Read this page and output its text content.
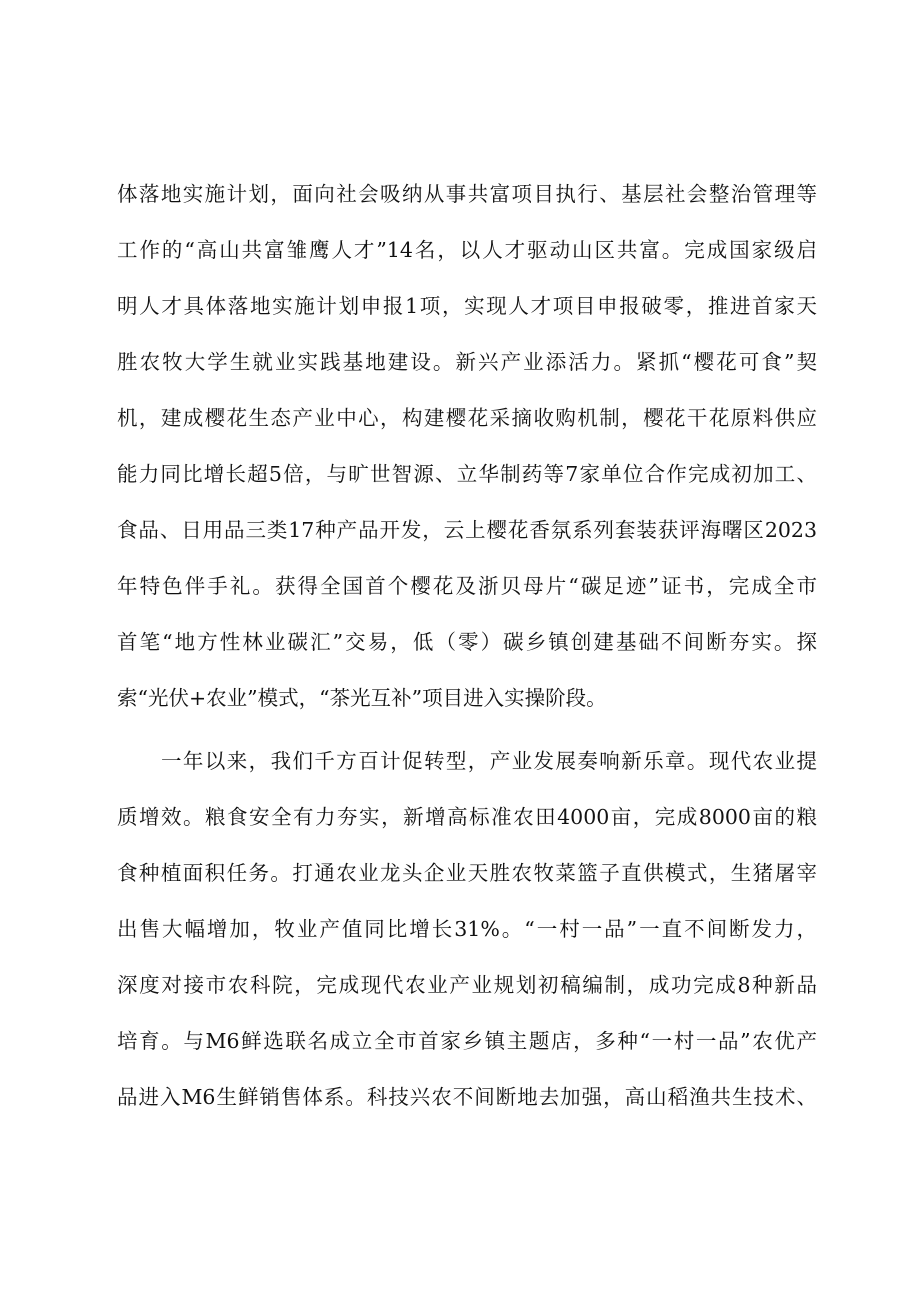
体落地实施计划，面向社会吸纳从事共富项目执行、基层社会整治管理等
工作的“高山共富雏鹰人才”14名，以人才驱动山区共富。完成国家级启
明人才具体落地实施计划申报1项，实现人才项目申报破零，推进首家天
胜农牧大学生就业实践基地建设。新兴产业添活力。紧抓“樱花可食”契
机，建成樱花生态产业中心，构建樱花采摘收购机制，樱花干花原料供应
能力同比增长超5倍，与旷世智源、立华制药等7家单位合作完成初加工、
食品、日用品三类17种产品开发，云上樱花香氛系列套装获评海曙区2023
年特色伴手礼。获得全国首个樱花及浙贝母片“碳足迹”证书，完成全市
首笔“地方性林业碳汇”交易，低（零）碳乡镇创建基础不间断夯实。探
索“光伏+农业”模式，“茶光互补”项目进入实操阶段。
一年以来，我们千方百计促转型，产业发展奏响新乐章。现代农业提
质增效。粮食安全有力夯实，新增高标准农田4000亩，完成8000亩的粮
食种植面积任务。打通农业龙头企业天胜农牧菜篮子直供模式，生猪屠宰
出售大幅增加，牧业产值同比增长31%。“一村一品”一直不间断发力，
深度对接市农科院，完成现代农业产业规划初稿编制，成功完成8种新品
培育。与M6鲜选联名成立全市首家乡镇主题店，多种“一村一品”农优产
品进入M6生鲜销售体系。科技兴农不间断地去加强，高山稻渔共生技术、
